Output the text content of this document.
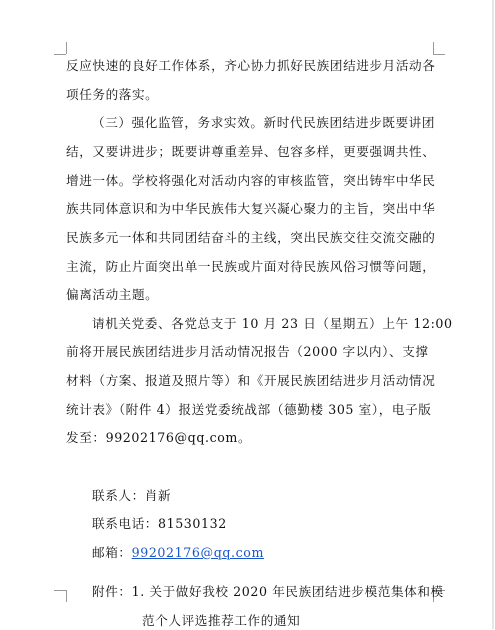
反应快速的良好工作体系，齐心协力抓好民族团结进步月活动各
项任务的落实。
（三）强化监管，务求实效。新时代民族团结进步既要讲团
结，又要讲进步；既要讲尊重差异、包容多样，更要强调共性、
增进一体。学校将强化对活动内容的审核监管，突出铸牢中华民
族共同体意识和为中华民族伟大复兴凝心聚力的主旨，突出中华
民族多元一体和共同团结奋斗的主线，突出民族交往交流交融的
主流，防止片面突出单一民族或片面对待民族风俗习惯等问题，
偏离活动主题。
请机关党委、各党总支于 10 月 23 日（星期五）上午 12:00
前将开展民族团结进步月活动情况报告（2000 字以内）、支撑
材料（方案、报道及照片等）和《开展民族团结进步月活动情况
统计表》（附件 4）报送党委统战部（德勤楼 305 室），电子版
发至：99202176@qq.com。
联系人：肖新
联系电话：81530132
邮箱：99202176@qq.com
附件：1. 关于做好我校 2020 年民族团结进步模范集体和模
范个人评选推荐工作的通知
